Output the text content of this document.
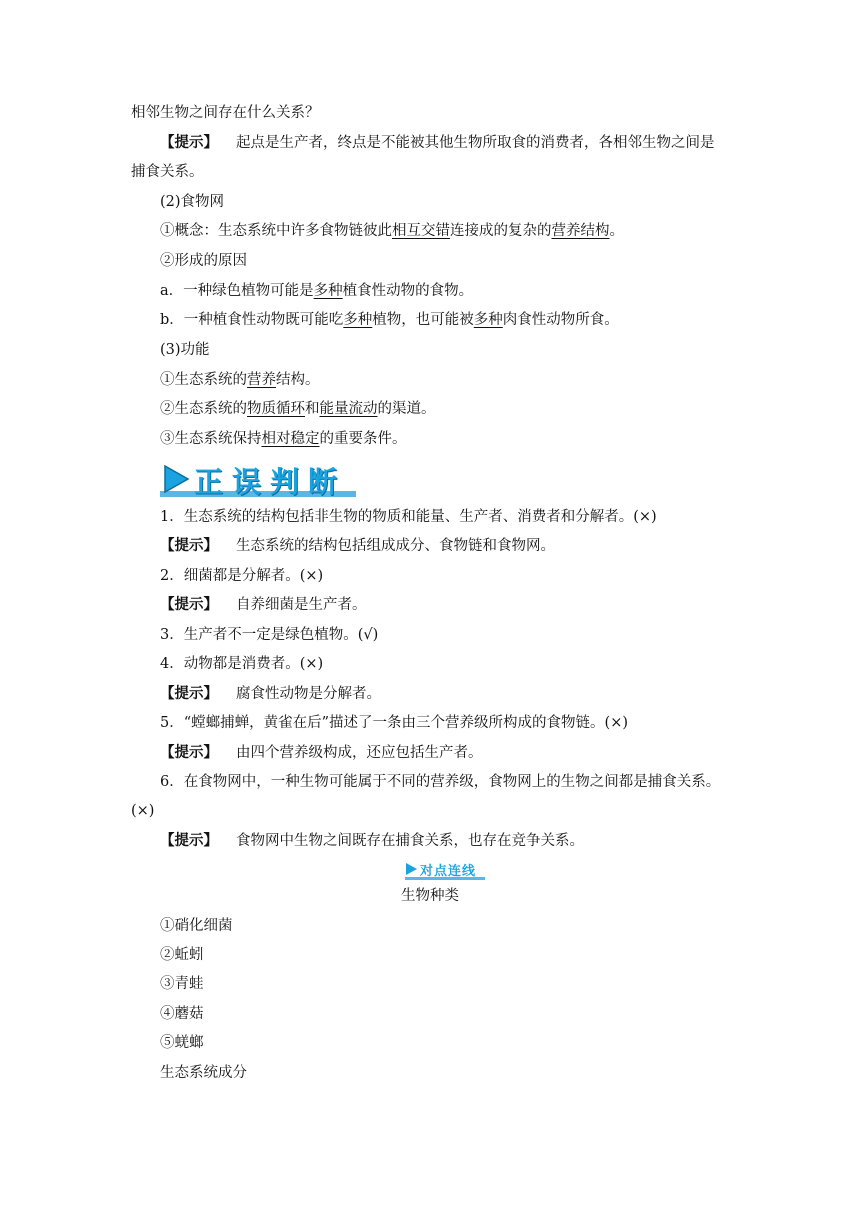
相邻生物之间存在什么关系？
【提示】 起点是生产者，终点是不能被其他生物所取食的消费者，各相邻生物之间是
捕食关系。
(2)食物网
①概念：生态系统中许多食物链彼此相互交错连接成的复杂的营养结构。
②形成的原因
a．一种绿色植物可能是多种植食性动物的食物。
b．一种植食性动物既可能吃多种植物，也可能被多种肉食性动物所食。
(3)功能
①生态系统的营养结构。
②生态系统的物质循环和能量流动的渠道。
③生态系统保持相对稳定的重要条件。
正误判断
1．生态系统的结构包括非生物的物质和能量、生产者、消费者和分解者。(×)
【提示】 生态系统的结构包括组成成分、食物链和食物网。
2．细菌都是分解者。(×)
【提示】 自养细菌是生产者。
3．生产者不一定是绿色植物。(√)
4．动物都是消费者。(×)
【提示】 腐食性动物是分解者。
5．“螳螂捕蝉，黄雀在后”描述了一条由三个营养级所构成的食物链。(×)
【提示】 由四个营养级构成，还应包括生产者。
6．在食物网中，一种生物可能属于不同的营养级，食物网上的生物之间都是捕食关系。
(×)
【提示】 食物网中生物之间既存在捕食关系，也存在竞争关系。
对点连线
生物种类
①硝化细菌
②蚯蚓
③青蛙
④蘑菇
⑤蜣螂
生态系统成分
